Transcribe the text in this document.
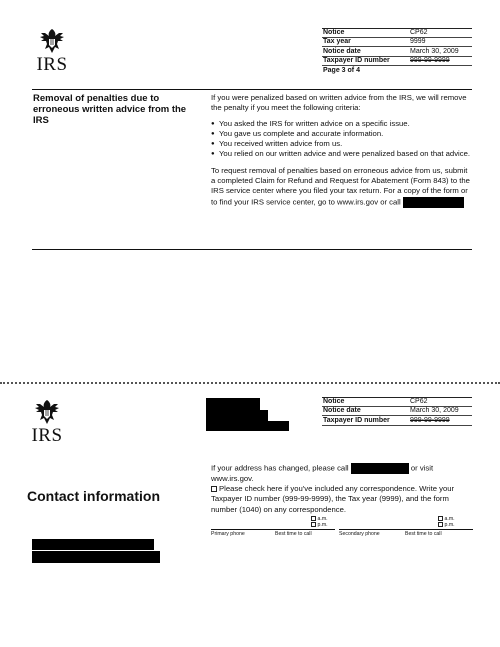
IRS
Notice	CP62
Tax year	9999
Notice date	March 30, 2009
Taxpayer ID number	999-99-9999
Page 3 of 4
Removal of penalties due to erroneous written advice from the IRS

If you were penalized based on written advice from the IRS, we will remove the penalty if you meet the following criteria:

● You asked the IRS for written advice on a specific issue.
● You gave us complete and accurate information.
● You received written advice from us.
● You relied on our written advice and were penalized based on that advice.

To request removal of penalties based on erroneous advice from us, submit a completed Claim for Refund and Request for Abatement (Form 843) to the IRS service center where you filed your tax return. For a copy of the form or to find your IRS service center, go to www.irs.gov or call

IRS
Notice	CP62
Notice date	March 30, 2009
Taxpayer ID number	999-99-9999
If your address has changed, please call	or visit
www.irs.gov.
Please check here if you've included any correspondence. Write your Taxpayer ID number (999-99-9999), the Tax year (9999), and the form number (1040) on any correspondence.
Contact information
a.m.
p.m.
a.m.
p.m.
Primary phone	Best time to call	Secondary phone	Best time to call
